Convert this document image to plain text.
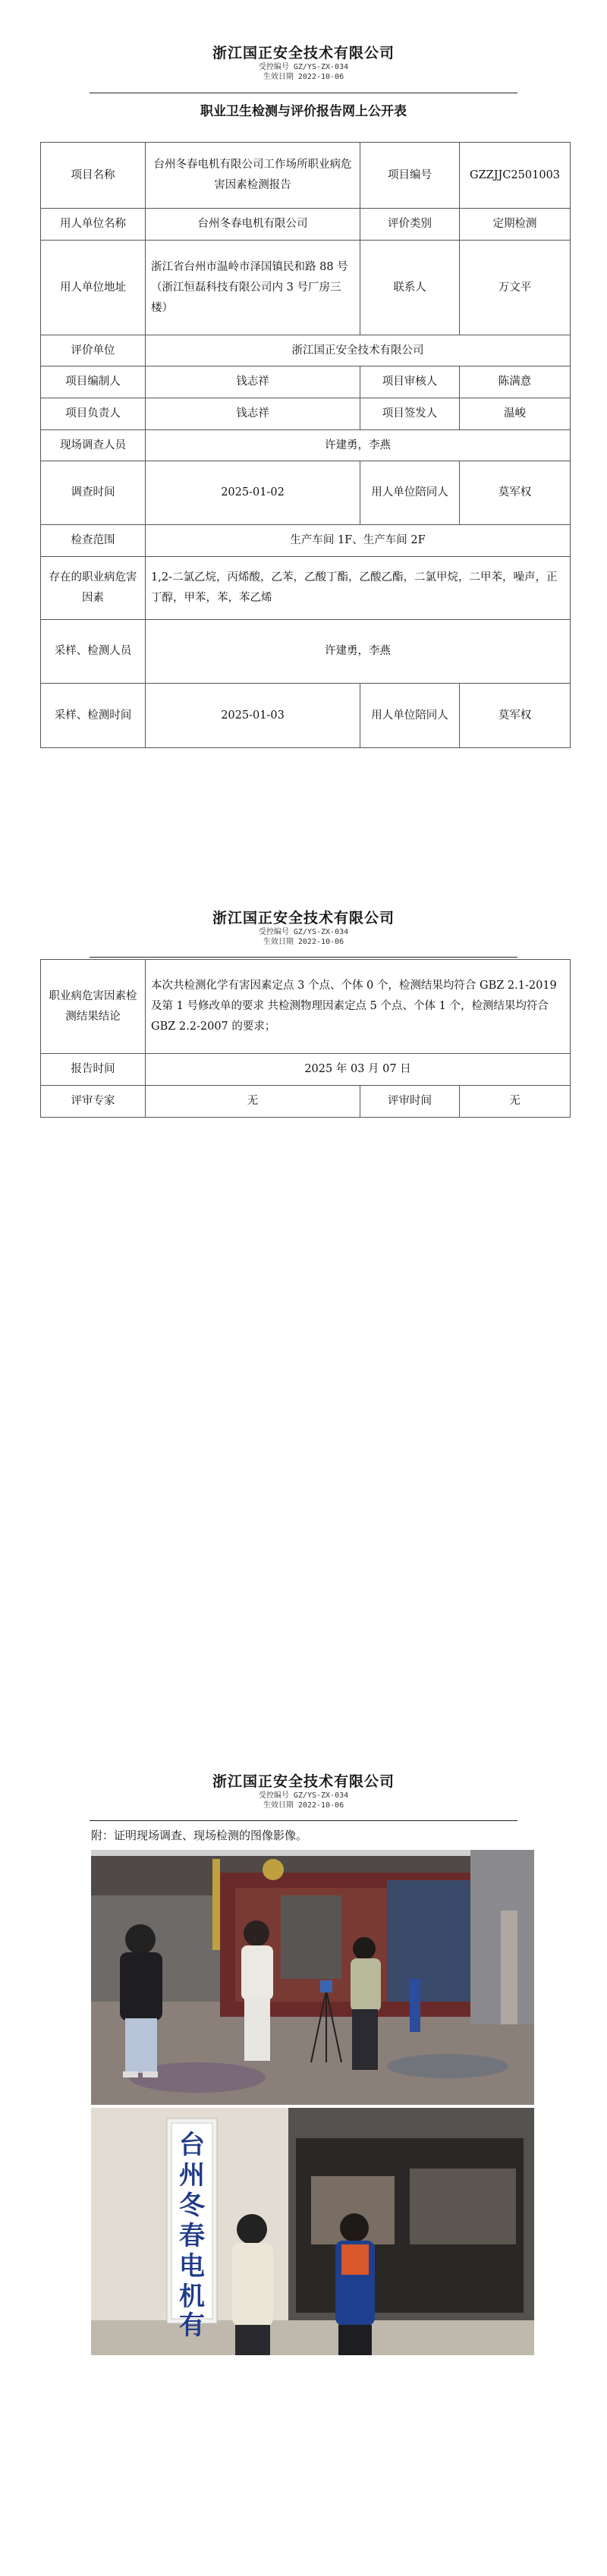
浙江国正安全技术有限公司
受控编号 GZ/YS-ZX-034
生效日期 2022-10-06
职业卫生检测与评价报告网上公开表
项目名称	台州冬春电机有限公司工作场所职业病危害因素检测报告	项目编号	GZZJJC2501003
用人单位名称	台州冬春电机有限公司	评价类别	定期检测
用人单位地址	浙江省台州市温岭市泽国镇民和路 88 号（浙江恒磊科技有限公司内 3 号厂房三楼）	联系人	万文平
评价单位	浙江国正安全技术有限公司		
项目编制人	钱志祥	项目审核人	陈满意
项目负责人	钱志祥	项目签发人	温峻
现场调查人员	许建勇，李燕		
调查时间	2025-01-02	用人单位陪同人	莫军权
检查范围	生产车间 1F、生产车间 2F		
存在的职业病危害因素	1,2-二氯乙烷，丙烯酸，乙苯，乙酸丁酯，乙酸乙酯，二氯甲烷，二甲苯，噪声，正丁醇，甲苯，苯，苯乙烯		
采样、检测人员	许建勇，李燕		
采样、检测时间	2025-01-03	用人单位陪同人	莫军权
浙江国正安全技术有限公司
受控编号 GZ/YS-ZX-034
生效日期 2022-10-06
职业病危害因素检测结果结论	本次共检测化学有害因素定点 3 个点、个体 0 个，检测结果均符合 GBZ 2.1-2019 及第 1 号修改单的要求 共检测物理因素定点 5 个点、个体 1 个，检测结果均符合 GBZ 2.2-2007 的要求；		
报告时间	2025 年 03 月 07 日		
评审专家	无	评审时间	无
浙江国正安全技术有限公司
受控编号 GZ/YS-ZX-034
生效日期 2022-10-06
附：证明现场调查、现场检测的图像影像。
台
州
冬
春
电
机
有
